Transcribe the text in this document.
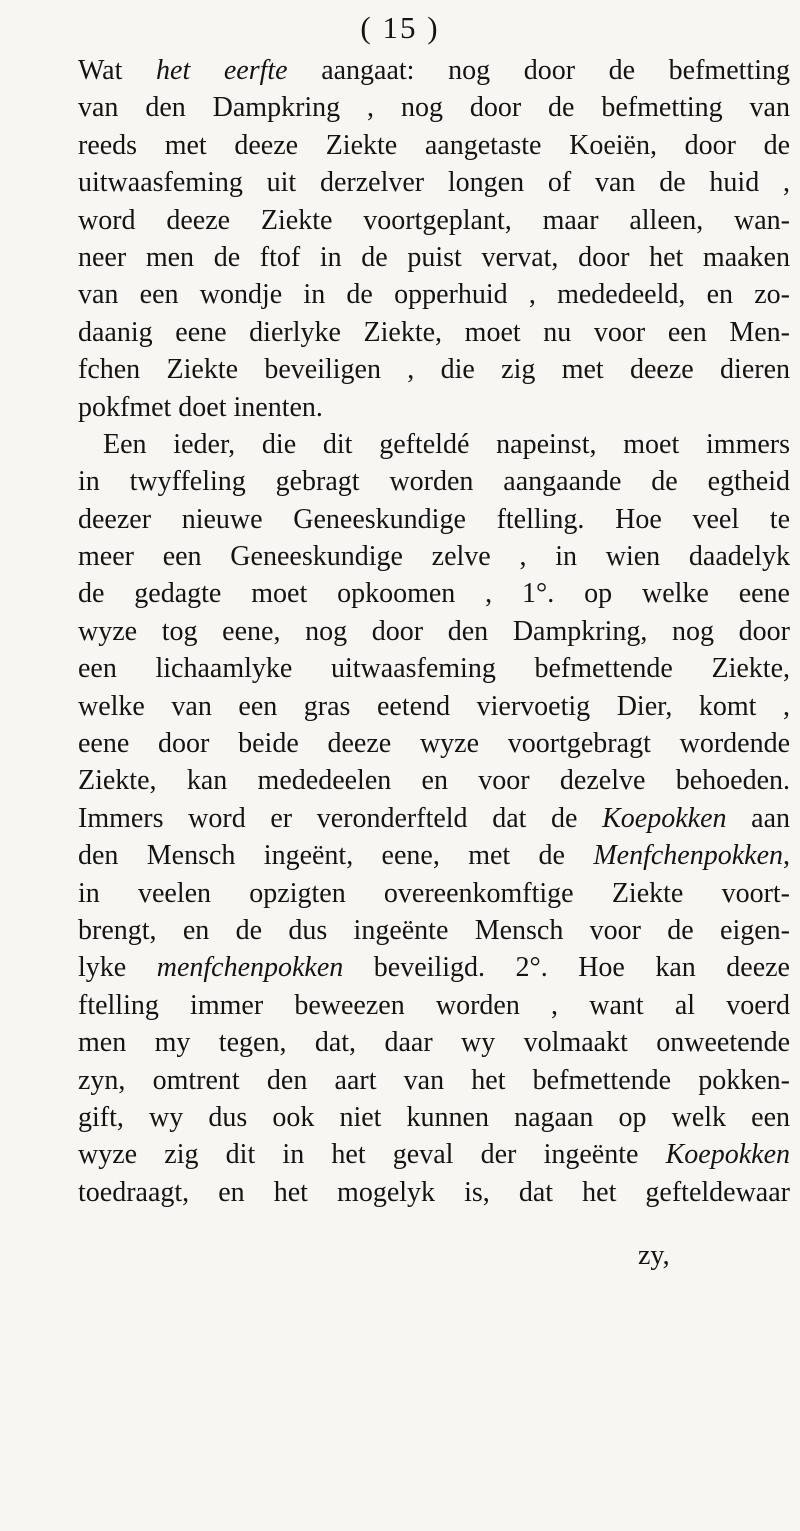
( 15 )
Wat het eerfte aangaat: nog door de befmetting
van den Dampkring , nog door de befmetting van
reeds met deeze Ziekte aangetaste Koeiën, door de
uitwaasfeming uit derzelver longen of van de huid ,
word deeze Ziekte voortgeplant, maar alleen, wan-
neer men de ftof in de puist vervat, door het maaken
van een wondje in de opperhuid , mededeeld, en zo-
daanig eene dierlyke Ziekte, moet nu voor een Men-
fchen Ziekte beveiligen , die zig met deeze dieren
pokfmet doet inenten.
Een ieder, die dit gefteldé napeinst, moet immers
in twyffeling gebragt worden aangaande de egtheid
deezer nieuwe Geneeskundige ftelling. Hoe veel te
meer een Geneeskundige zelve , in wien daadelyk
de gedagte moet opkoomen , 1°. op welke eene
wyze tog eene, nog door den Dampkring, nog door
een lichaamlyke uitwaasfeming befmettende Ziekte,
welke van een gras eetend viervoetig Dier, komt ,
eene door beide deeze wyze voortgebragt wordende
Ziekte, kan mededeelen en voor dezelve behoeden.
Immers word er veronderfteld dat de Koepokken aan
den Mensch ingeënt, eene, met de Menfchenpokken,
in veelen opzigten overeenkomftige Ziekte voort-
brengt, en de dus ingeënte Mensch voor de eigen-
lyke menfchenpokken beveiligd. 2°. Hoe kan deeze
ftelling immer beweezen worden , want al voerd
men my tegen, dat, daar wy volmaakt onweetende
zyn, omtrent den aart van het befmettende pokken-
gift, wy dus ook niet kunnen nagaan op welk een
wyze zig dit in het geval der ingeënte Koepokken
toedraagt, en het mogelyk is, dat het gefteldewaar
zy,
